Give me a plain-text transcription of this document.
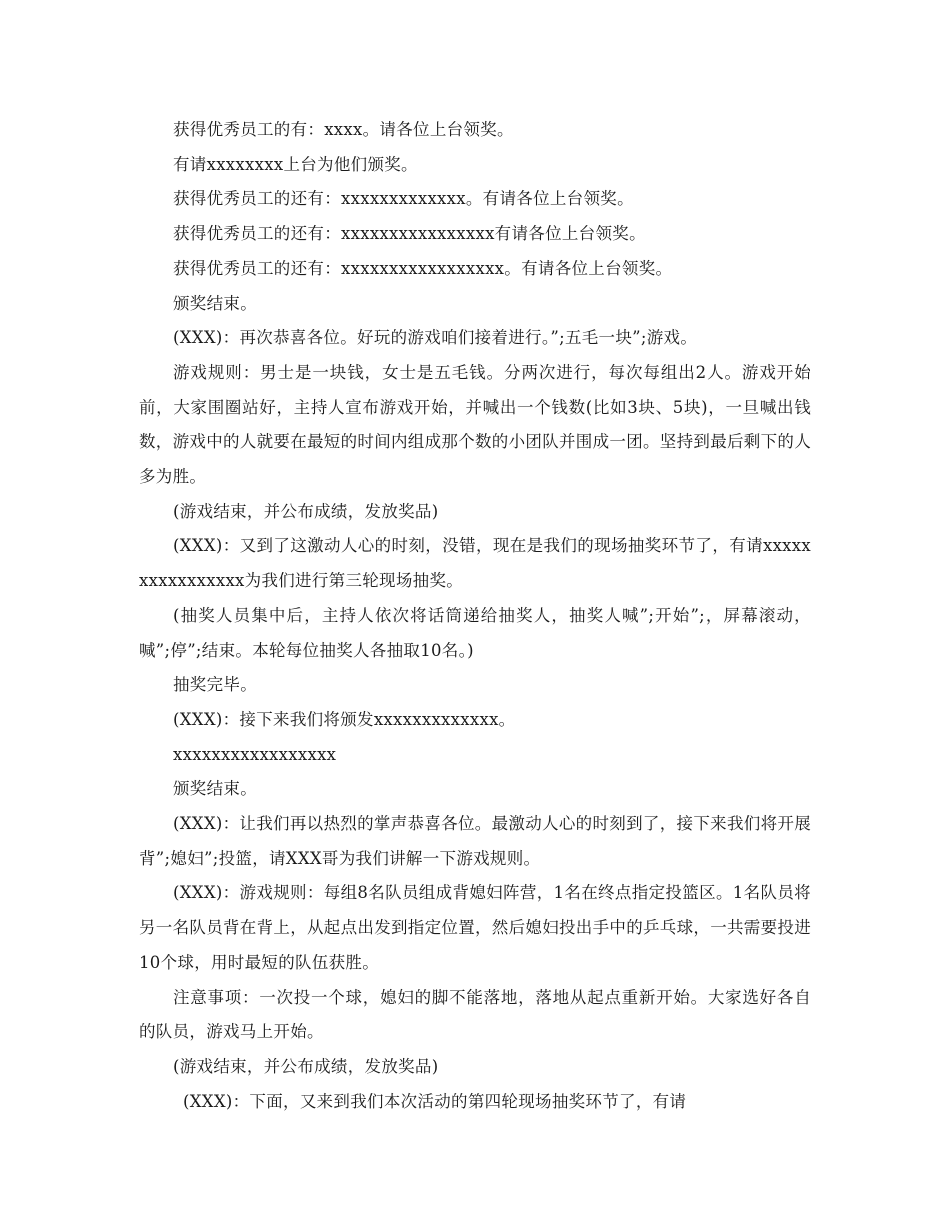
获得优秀员工的有：xxxx。请各位上台领奖。

有请xxxxxxxx上台为他们颁奖。

获得优秀员工的还有：xxxxxxxxxxxxx。有请各位上台领奖。

获得优秀员工的还有：xxxxxxxxxxxxxxxx有请各位上台领奖。

获得优秀员工的还有：xxxxxxxxxxxxxxxxx。有请各位上台领奖。

颁奖结束。

(XXX)：再次恭喜各位。好玩的游戏咱们接着进行。”;五毛一块”;游戏。

游戏规则：男士是一块钱，女士是五毛钱。分两次进行，每次每组出2人。游戏开始前，大家围圈站好，主持人宣布游戏开始，并喊出一个钱数(比如3块、5块)，一旦喊出钱数，游戏中的人就要在最短的时间内组成那个数的小团队并围成一团。坚持到最后剩下的人多为胜。

(游戏结束，并公布成绩，发放奖品)

(XXX)：又到了这激动人心的时刻，没错，现在是我们的现场抽奖环节了，有请xxxxxxxxxxxxxxxx为我们进行第三轮现场抽奖。

(抽奖人员集中后，主持人依次将话筒递给抽奖人，抽奖人喊”;开始”;，屏幕滚动，喊”;停”;结束。本轮每位抽奖人各抽取10名。)

抽奖完毕。

(XXX)：接下来我们将颁发xxxxxxxxxxxxx。

xxxxxxxxxxxxxxxxx

颁奖结束。

(XXX)：让我们再以热烈的掌声恭喜各位。最激动人心的时刻到了，接下来我们将开展背”;媳妇”;投篮，请XXX哥为我们讲解一下游戏规则。

(XXX)：游戏规则：每组8名队员组成背媳妇阵营，1名在终点指定投篮区。1名队员将另一名队员背在背上，从起点出发到指定位置，然后媳妇投出手中的乒乓球，一共需要投进10个球，用时最短的队伍获胜。

注意事项：一次投一个球，媳妇的脚不能落地，落地从起点重新开始。大家选好各自的队员，游戏马上开始。

(游戏结束，并公布成绩，发放奖品)

(XXX)：下面，又来到我们本次活动的第四轮现场抽奖环节了，有请
